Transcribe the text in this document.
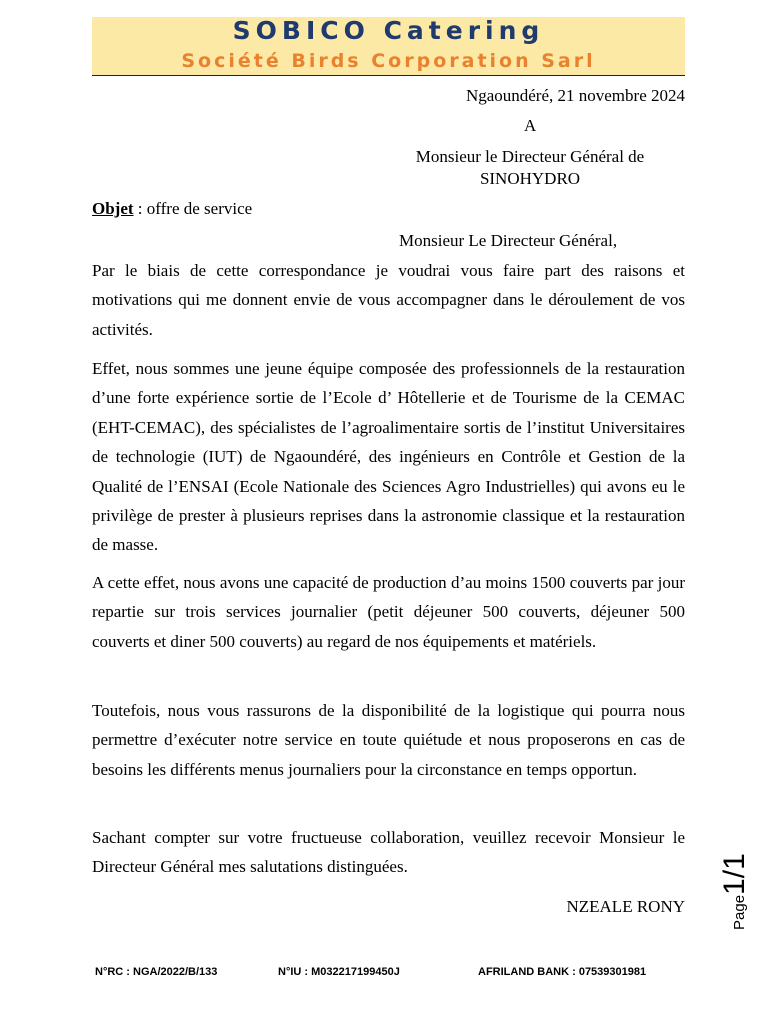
SOBICO Catering
Société Birds Corporation Sarl
Ngaoundéré, 21 novembre 2024
A
Monsieur le Directeur Général de
SINOHYDRO
Objet : offre de service
Monsieur Le Directeur Général,
Par le biais de cette correspondance je voudrai vous faire part des raisons et motivations qui me donnent envie de vous accompagner dans le déroulement de vos activités.
Effet, nous sommes une jeune équipe composée des professionnels de la restauration d’une forte expérience sortie de l’Ecole d’ Hôtellerie et de Tourisme de la CEMAC (EHT-CEMAC), des spécialistes de l’agroalimentaire sortis de l’institut Universitaires de technologie (IUT) de Ngaoundéré, des ingénieurs en Contrôle et Gestion de la Qualité de l’ENSAI (Ecole Nationale des Sciences Agro Industrielles) qui avons eu le privilège de prester à plusieurs reprises dans la astronomie classique et la restauration de masse.
A cette effet, nous avons une capacité de production d’au moins 1500 couverts par jour repartie sur trois services journalier (petit déjeuner 500 couverts, déjeuner 500 couverts et diner 500 couverts) au regard de nos équipements et matériels.
Toutefois, nous vous rassurons de la disponibilité de la logistique qui pourra nous permettre d’exécuter notre service en toute quiétude et nous proposerons en cas de besoins les différents menus journaliers pour la circonstance en temps opportun.
Sachant compter sur votre fructueuse collaboration, veuillez recevoir Monsieur le Directeur Général mes salutations distinguées.
NZEALE RONY	Page1/1
N°RC : NGA/2022/B/133	N°IU : M032217199450J	AFRILAND BANK : 07539301981
